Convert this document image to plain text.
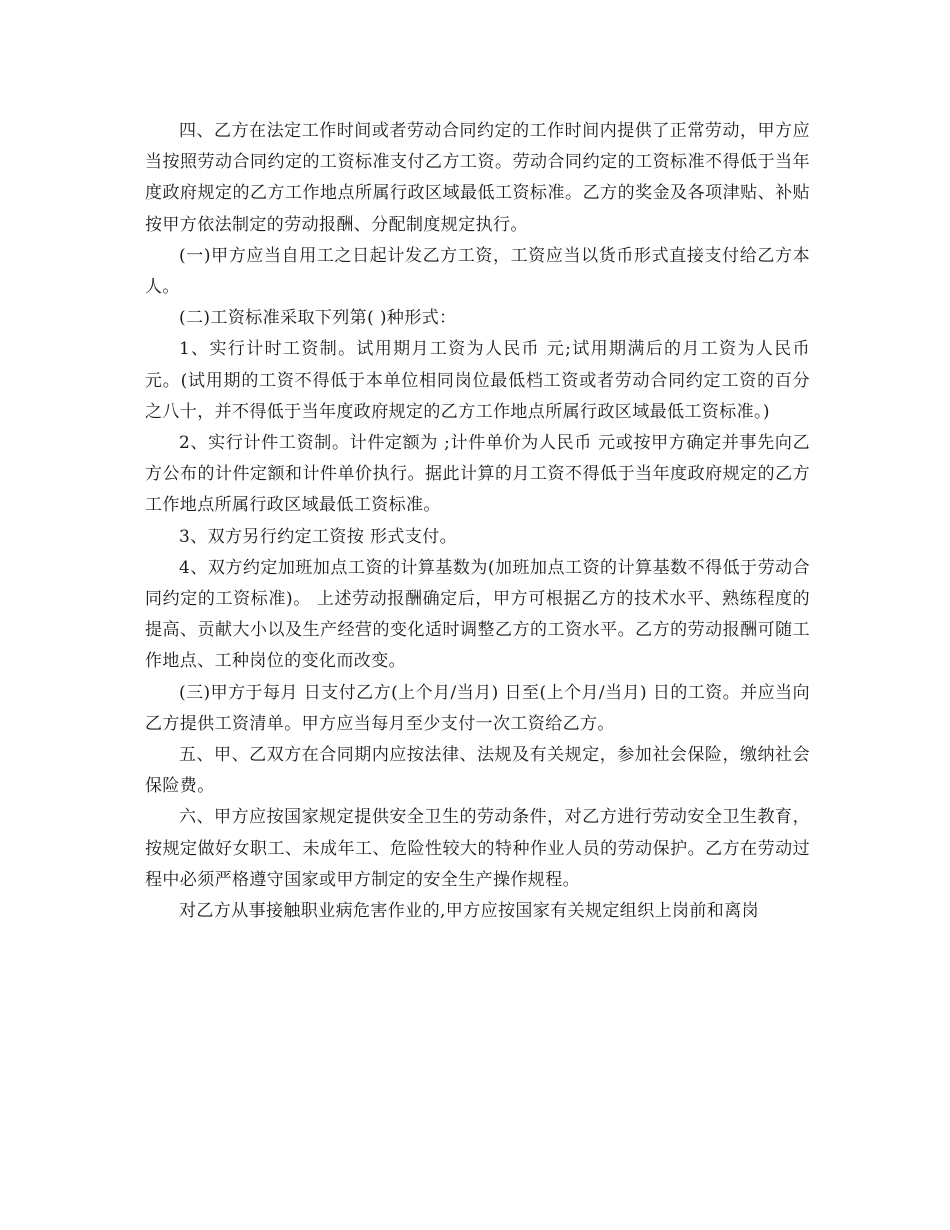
四、乙方在法定工作时间或者劳动合同约定的工作时间内提供了正常劳动，甲方应当按照劳动合同约定的工资标准支付乙方工资。劳动合同约定的工资标准不得低于当年度政府规定的乙方工作地点所属行政区域最低工资标准。乙方的奖金及各项津贴、补贴按甲方依法制定的劳动报酬、分配制度规定执行。

(一)甲方应当自用工之日起计发乙方工资，工资应当以货币形式直接支付给乙方本人。

(二)工资标准采取下列第( )种形式：

1、实行计时工资制。试用期月工资为人民币 元;试用期满后的月工资为人民币 元。(试用期的工资不得低于本单位相同岗位最低档工资或者劳动合同约定工资的百分之八十，并不得低于当年度政府规定的乙方工作地点所属行政区域最低工资标准。)

2、实行计件工资制。计件定额为 ;计件单价为人民币 元或按甲方确定并事先向乙方公布的计件定额和计件单价执行。据此计算的月工资不得低于当年度政府规定的乙方工作地点所属行政区域最低工资标准。

3、双方另行约定工资按 形式支付。

4、双方约定加班加点工资的计算基数为(加班加点工资的计算基数不得低于劳动合同约定的工资标准)。 上述劳动报酬确定后，甲方可根据乙方的技术水平、熟练程度的提高、贡献大小以及生产经营的变化适时调整乙方的工资水平。乙方的劳动报酬可随工作地点、工种岗位的变化而改变。

(三)甲方于每月 日支付乙方(上个月/当月) 日至(上个月/当月) 日的工资。并应当向乙方提供工资清单。甲方应当每月至少支付一次工资给乙方。

五、甲、乙双方在合同期内应按法律、法规及有关规定，参加社会保险，缴纳社会保险费。

六、甲方应按国家规定提供安全卫生的劳动条件，对乙方进行劳动安全卫生教育，按规定做好女职工、未成年工、危险性较大的特种作业人员的劳动保护。乙方在劳动过程中必须严格遵守国家或甲方制定的安全生产操作规程。

对乙方从事接触职业病危害作业的,甲方应按国家有关规定组织上岗前和离岗
